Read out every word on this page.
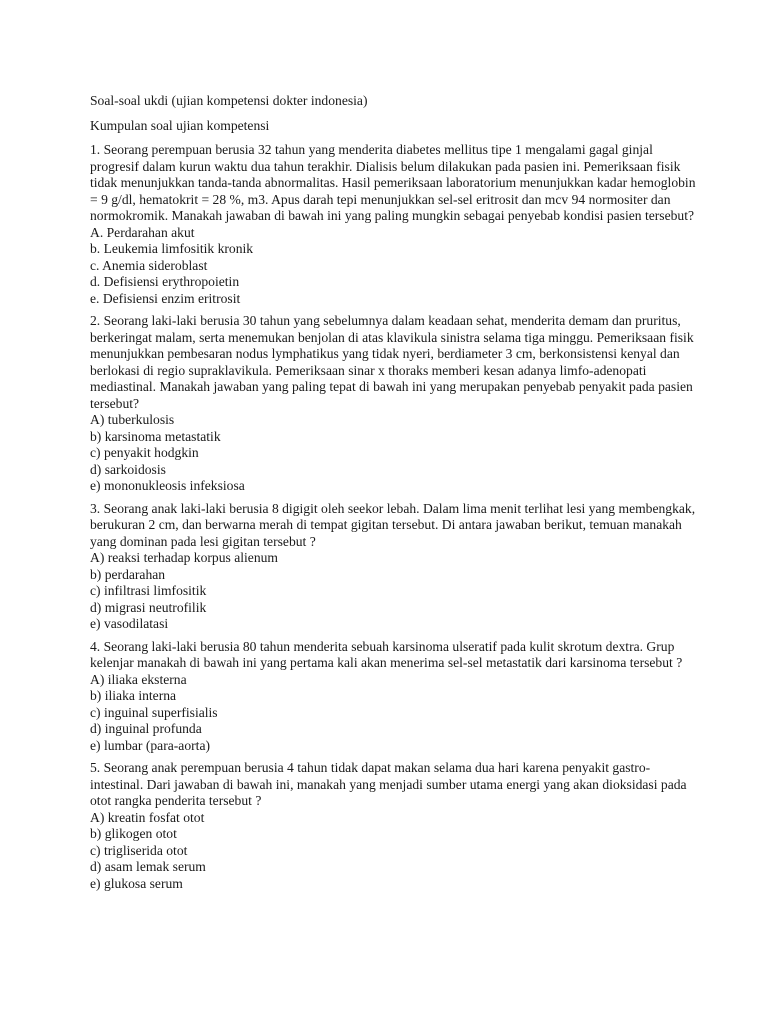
Soal-soal ukdi (ujian kompetensi dokter indonesia)

Kumpulan soal ujian kompetensi

1. Seorang perempuan berusia 32 tahun yang menderita diabetes mellitus tipe 1 mengalami gagal ginjal progresif dalam kurun waktu dua tahun terakhir. Dialisis belum dilakukan pada pasien ini. Pemeriksaan fisik tidak menunjukkan tanda-tanda abnormalitas. Hasil pemeriksaan laboratorium menunjukkan kadar hemoglobin = 9 g/dl, hematokrit = 28 %, m3. Apus darah tepi menunjukkan sel-sel eritrosit dan mcv 94 normositer dan normokromik. Manakah jawaban di bawah ini yang paling mungkin sebagai penyebab kondisi pasien tersebut?

A. Perdarahan akut
b. Leukemia limfositik kronik
c. Anemia sideroblast
d. Defisiensi erythropoietin
e. Defisiensi enzim eritrosit

2. Seorang laki-laki berusia 30 tahun yang sebelumnya dalam keadaan sehat, menderita demam dan pruritus, berkeringat malam, serta menemukan benjolan di atas klavikula sinistra selama tiga minggu. Pemeriksaan fisik menunjukkan pembesaran nodus lymphatikus yang tidak nyeri, berdiameter 3 cm, berkonsistensi kenyal dan berlokasi di regio supraklavikula. Pemeriksaan sinar x thoraks memberi kesan adanya limfo-adenopati mediastinal. Manakah jawaban yang paling tepat di bawah ini yang merupakan penyebab penyakit pada pasien tersebut?

A) tuberkulosis
b) karsinoma metastatik
c) penyakit hodgkin
d) sarkoidosis
e) mononukleosis infeksiosa

3. Seorang anak laki-laki berusia 8 digigit oleh seekor lebah. Dalam lima menit terlihat lesi yang membengkak, berukuran 2 cm, dan berwarna merah di tempat gigitan tersebut. Di antara jawaban berikut, temuan manakah yang dominan pada lesi gigitan tersebut ?

A) reaksi terhadap korpus alienum
b) perdarahan
c) infiltrasi limfositik
d) migrasi neutrofilik
e) vasodilatasi

4. Seorang laki-laki berusia 80 tahun menderita sebuah karsinoma ulseratif pada kulit skrotum dextra. Grup kelenjar manakah di bawah ini yang pertama kali akan menerima sel-sel metastatik dari karsinoma tersebut ?

A) iliaka eksterna
b) iliaka interna
c) inguinal superfisialis
d) inguinal profunda
e) lumbar (para-aorta)

5. Seorang anak perempuan berusia 4 tahun tidak dapat makan selama dua hari karena penyakit gastro-intestinal. Dari jawaban di bawah ini, manakah yang menjadi sumber utama energi yang akan dioksidasi pada otot rangka penderita tersebut ?

A) kreatin fosfat otot
b) glikogen otot
c) trigliserida otot
d) asam lemak serum
e) glukosa serum
